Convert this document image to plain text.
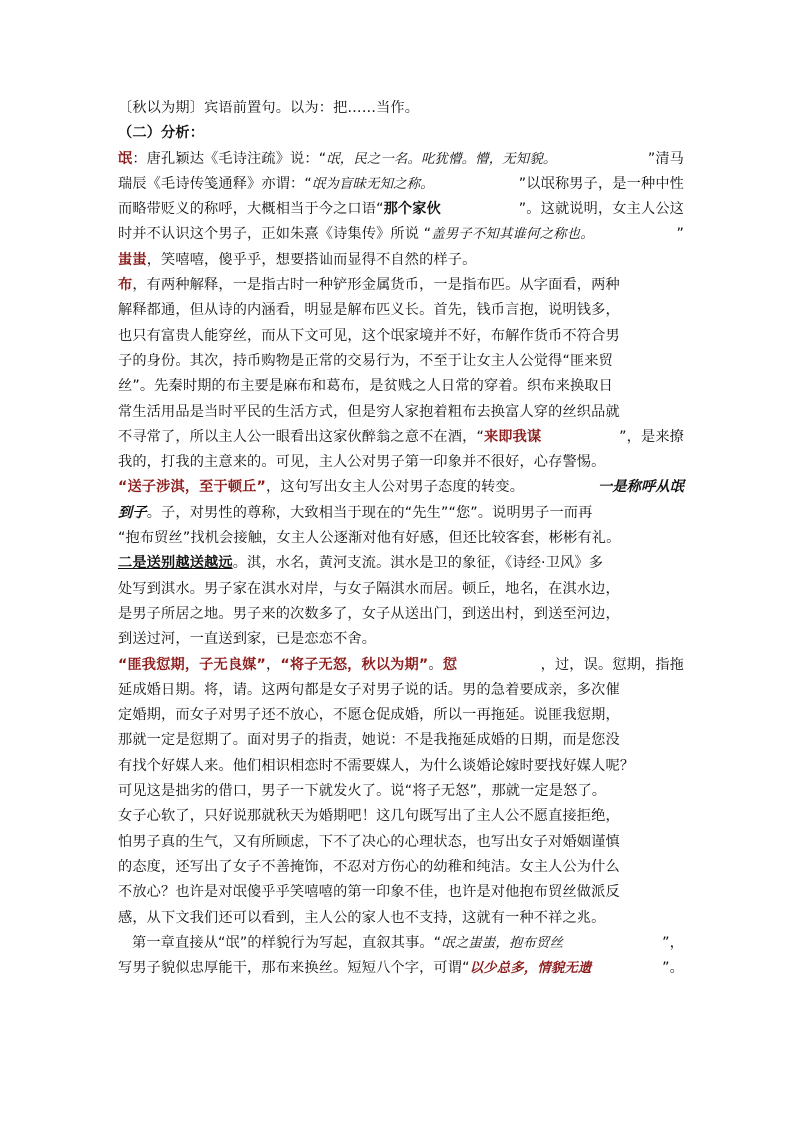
〔秋以为期〕宾语前置句。以为：把……当作。
（二）分析：
氓：唐孔颖达《毛诗注疏》说：“氓，民之一名。叱犹懵。懵，无知貌。	”清马
瑞辰《毛诗传笺通释》亦谓：“氓为盲昧无知之称。	”以氓称男子，是一种中性
而略带贬义的称呼，大概相当于今之口语“那个家伙	”。这就说明，女主人公这
时并不认识这个男子，正如朱熹《诗集传》所说 “盖男子不知其谁何之称也。	”
蚩蚩，笑嘻嘻，傻乎乎，想要搭讪而显得不自然的样子。
布，有两种解释，一是指古时一种铲形金属货币，一是指布匹。从字面看，两种
解释都通，但从诗的内涵看，明显是解布匹义长。首先，钱币言抱，说明钱多，
也只有富贵人能穿丝，而从下文可见，这个氓家境并不好，布解作货币不符合男
子的身份。其次，持币购物是正常的交易行为，不至于让女主人公觉得“匪来贸
丝”。先秦时期的布主要是麻布和葛布，是贫贱之人日常的穿着。织布来换取日
常生活用品是当时平民的生活方式，但是穷人家抱着粗布去换富人穿的丝织品就
不寻常了，所以主人公一眼看出这家伙醉翁之意不在酒，“来即我谋	”，是来撩
我的，打我的主意来的。可见，主人公对男子第一印象并不很好，心存警惕。
“送子涉淇，至于顿丘”，这句写出女主人公对男子态度的转变。	一是称呼从氓
到子。子，对男性的尊称，大致相当于现在的“先生”“您”。说明男子一而再
“抱布贸丝”找机会接触，女主人公逐渐对他有好感，但还比较客套，彬彬有礼。
二是送别越送越远。淇，水名，黄河支流。淇水是卫的象征，《诗经·卫风》多
处写到淇水。男子家在淇水对岸，与女子隔淇水而居。顿丘，地名，在淇水边，
是男子所居之地。男子来的次数多了，女子从送出门，到送出村，到送至河边，
到送过河，一直送到家，已是恋恋不舍。
“匪我愆期，子无良媒”，“将子无怒，秋以为期”。愆	，过，误。愆期，指拖
延成婚日期。将，请。这两句都是女子对男子说的话。男的急着要成亲，多次催
定婚期，而女子对男子还不放心，不愿仓促成婚，所以一再拖延。说匪我愆期，
那就一定是愆期了。面对男子的指责，她说：不是我拖延成婚的日期，而是您没
有找个好媒人来。他们相识相恋时不需要媒人，为什么谈婚论嫁时要找好媒人呢？
可见这是拙劣的借口，男子一下就发火了。说“将子无怒”，那就一定是怒了。
女子心软了，只好说那就秋天为婚期吧！这几句既写出了主人公不愿直接拒绝，
怕男子真的生气，又有所顾虑，下不了决心的心理状态，也写出女子对婚姻谨慎
的态度，还写出了女子不善掩饰，不忍对方伤心的幼稚和纯洁。女主人公为什么
不放心？也许是对氓傻乎乎笑嘻嘻的第一印象不佳，也许是对他抱布贸丝做派反
感，从下文我们还可以看到，主人公的家人也不支持，这就有一种不祥之兆。
第一章直接从“氓”的样貌行为写起，直叙其事。“氓之蚩蚩，抱布贸丝	”，
写男子貌似忠厚能干，那布来换丝。短短八个字，可谓“以少总多，情貌无遗	”。
